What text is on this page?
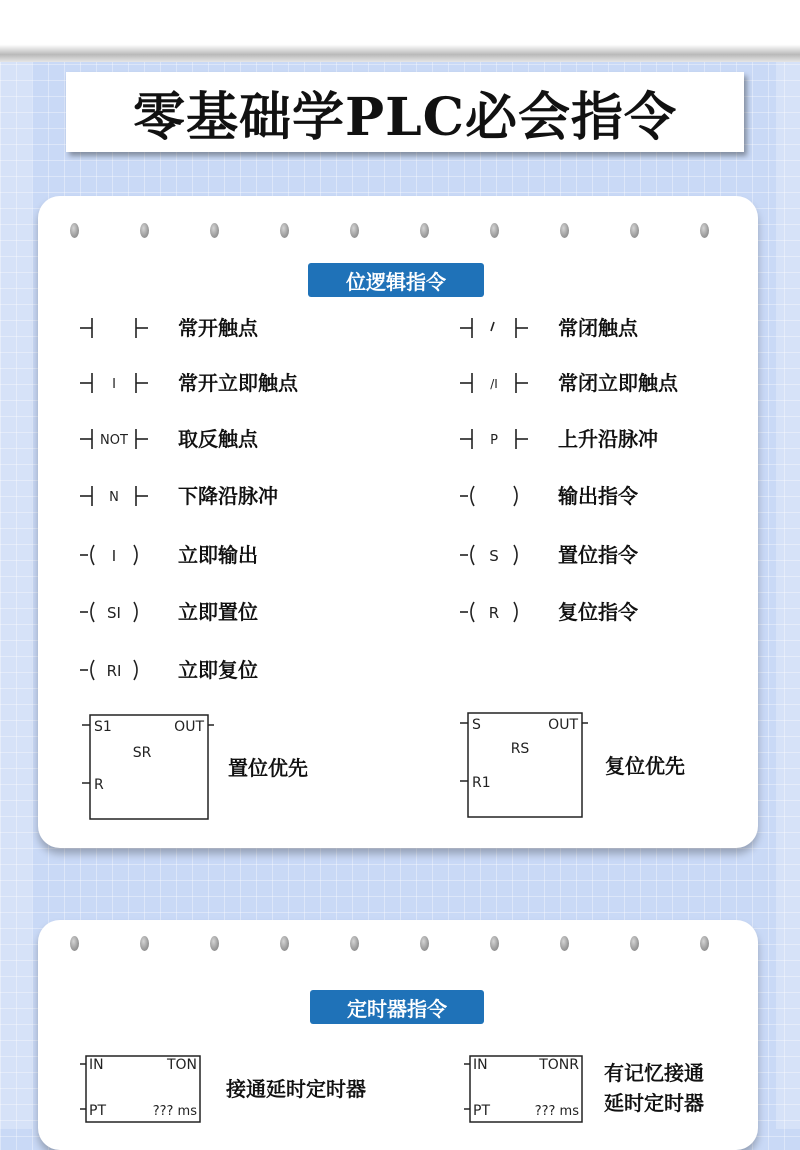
零基础学PLC必会指令
位逻辑指令
常开触点	常闭触点
I	常开立即触点	/I	常闭立即触点
NOT	取反触点	P	上升沿脉冲
N	下降沿脉冲	输出指令
I	立即输出	S	置位指令
SI	立即置位	R	复位指令
RI	立即复位
S1	OUT
SR
R
置位优先
S	OUT
RS
R1
复位优先
定时器指令
IN	TON
PT	??? ms
接通延时定时器
IN	TONR
PT	??? ms
有记忆接通
延时定时器
